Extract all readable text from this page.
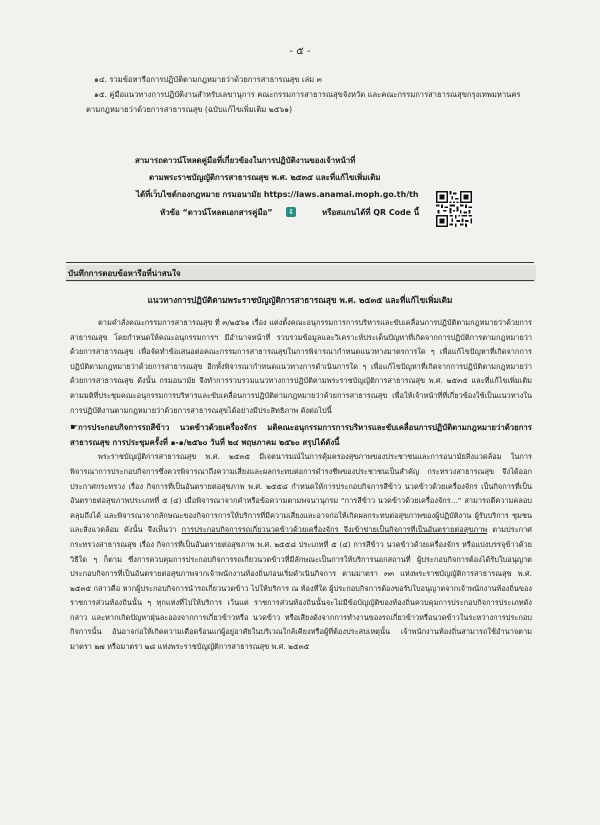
- ๕ -

๑๔. รวมข้อหารือการปฏิบัติตามกฎหมายว่าด้วยการสาธารณสุข เล่ม ๓

๑๕. คู่มือแนวทางการปฏิบัติงานสำหรับเลขานุการ คณะกรรมการสาธารณสุขจังหวัด และคณะกรรมการสาธารณสุขกรุงเทพมหานครตามกฎหมายว่าด้วยการสาธารณสุข (ฉบับแก้ไขเพิ่มเติม ๒๕๖๑)

สามารถดาวน์โหลดคู่มือที่เกี่ยวข้องในการปฏิบัติงานของเจ้าหน้าที่

ตามพระราชบัญญัติการสาธารณสุข พ.ศ. ๒๕๓๕ และที่แก้ไขเพิ่มเติม

ได้ที่เว็บไซต์กองกฎหมาย กรมอนามัย https://laws.anamai.moph.go.th/th

หัวข้อ “ดาวน์โหลดเอกสารคู่มือ” ⇩	หรือสแกนได้ที่ QR Code นี้
บันทึกการตอบข้อหารือที่น่าสนใจ
แนวทางการปฏิบัติตามพระราชบัญญัติการสาธารณสุข พ.ศ. ๒๕๓๕ และที่แก้ไขเพิ่มเติม

ตามคำสั่งคณะกรรมการสาธารณสุข ที่ ๓/๒๕๖๑ เรื่อง แต่งตั้งคณะอนุกรรมการการบริหารและขับเคลื่อนการปฏิบัติตามกฎหมายว่าด้วยการสาธารณสุข โดยกำหนดให้คณะอนุกรรมการฯ มีอำนาจหน้าที่ รวบรวมข้อมูลและวิเคราะห์ประเด็นปัญหาที่เกิดจากการปฏิบัติการตามกฎหมายว่าด้วยการสาธารณสุข เพื่อจัดทำข้อเสนอต่อคณะกรรมการสาธารณสุขในการพิจารณากำหนดแนวทางมาตรการใด ๆ เพื่อแก้ไขปัญหาที่เกิดจากการปฏิบัติตามกฎหมายว่าด้วยการสาธารณสุข อีกทั้งพิจารณากำหนดแนวทางการดำเนินการใด ๆ เพื่อแก้ไขปัญหาที่เกิดจากการปฏิบัติตามกฎหมายว่าด้วยการสาธารณสุข ดังนั้น กรมอนามัย จึงทำการรวบรวมแนวทางการปฏิบัติตามพระราชบัญญัติการสาธารณสุข พ.ศ. ๒๕๓๕ และที่แก้ไขเพิ่มเติม ตามมติที่ประชุมคณะอนุกรรมการบริหารและขับเคลื่อนการปฏิบัติตามกฎหมายว่าด้วยการสาธารณสุข เพื่อให้เจ้าหน้าที่ที่เกี่ยวข้องใช้เป็นแนวทางในการปฏิบัติงานตามกฎหมายว่าด้วยการสาธารณสุขได้อย่างมีประสิทธิภาพ ดังต่อไปนี้

☛การประกอบกิจการรถสีข้าว นวดข้าวด้วยเครื่องจักร มติคณะอนุกรรมการการบริหารและขับเคลื่อนการปฏิบัติตามกฎหมายว่าด้วยการสาธารณสุข การประชุมครั้งที่ ๑-๑/๒๕๖๐ วันที่ ๒๔ พฤษภาคม ๒๕๖๐ สรุปได้ดังนี้

พระราชบัญญัติการสาธารณสุข พ.ศ. ๒๕๓๕ มีเจตนารมณ์ในการคุ้มครองสุขภาพของประชาชนและการอนามัยสิ่งแวดล้อม ในการพิจารณาการประกอบกิจการซึ่งควรพิจารณาถึงความเสี่ยงและผลกระทบต่อการดำรงชีพของประชาชนเป็นสำคัญ กระทรวงสาธารณสุข จึงได้ออกประกาศกระทรวง เรื่อง กิจการที่เป็นอันตรายต่อสุขภาพ พ.ศ. ๒๕๕๘ กำหนดให้การประกอบกิจการสีข้าว นวดข้าวด้วยเครื่องจักร เป็นกิจการที่เป็นอันตรายต่อสุขภาพประเภทที่ ๕ (๔) เมื่อพิจารณาจากคำหรือข้อความตามพจนานุกรม “การสีข้าว นวดข้าวด้วยเครื่องจักร...” สามารถตีความคลอบคลุมถึงได้ และพิจารณาจากลักษณะของกิจการการให้บริการที่มีความเสี่ยงและอาจก่อให้เกิดผลกระทบต่อสุขภาพของผู้ปฏิบัติงาน ผู้รับบริการ ชุมชน และสิ่งแวดล้อม ดังนั้น จึงเห็นว่า การประกอบกิจการรถเกี่ยวนวดข้าวด้วยเครื่องจักร จึงเข้าข่ายเป็นกิจการที่เป็นอันตรายต่อสุขภาพ ตามประกาศกระทรวงสาธารณสุข เรื่อง กิจการที่เป็นอันตรายต่อสุขภาพ พ.ศ. ๒๕๕๘ ประเภทที่ ๕ (๔) การสีข้าว นวดข้าวด้วยเครื่องจักร หรือแบ่งบรรจุข้าวด้วยวิธีใด ๆ ก็ตาม ซึ่งการควบคุมการประกอบกิจการรถเกี่ยวนวดข้าวที่มีลักษณะเป็นการให้บริการนอกสถานที่ ผู้ประกอบกิจการต้องได้รับใบอนุญาตประกอบกิจการที่เป็นอันตรายต่อสุขภาพจากเจ้าพนักงานท้องถิ่นก่อนเริ่มดำเนินกิจการ ตามมาตรา ๓๓ แห่งพระราชบัญญัติการสาธารณสุข พ.ศ. ๒๕๓๕ กล่าวคือ หากผู้ประกอบกิจการนำรถเกี่ยวนวดข้าว ไปให้บริการ ณ ท้องที่ใด ผู้ประกอบกิจการต้องขอรับใบอนุญาตจากเจ้าพนักงานท้องถิ่นของราชการส่วนท้องถิ่นนั้น ๆ ทุกแห่งที่ไปให้บริการ เว้นแต่ ราชการส่วนท้องถิ่นนั้นจะไม่มีข้อบัญญัติของท้องถิ่นควบคุมการประกอบกิจการประเภทดังกล่าว และหากเกิดปัญหาฝุ่นละอองจากการเกี่ยวข้าวหรือ นวดข้าว หรือเสียงดังจากการทำงานของรถเกี่ยวข้าวหรือนวดข้าวในระหว่างการประกอบกิจการนั้น อันอาจก่อให้เกิดความเดือดร้อนแก่ผู้อยู่อาศัยในบริเวณใกล้เคียงหรือผู้ที่ต้องประสบเหตุนั้น เจ้าพนักงานท้องถิ่นสามารถใช้อำนาจตามมาตรา ๒๗ หรือมาตรา ๒๘ แห่งพระราชบัญญัติการสาธารณสุข พ.ศ. ๒๕๓๕
